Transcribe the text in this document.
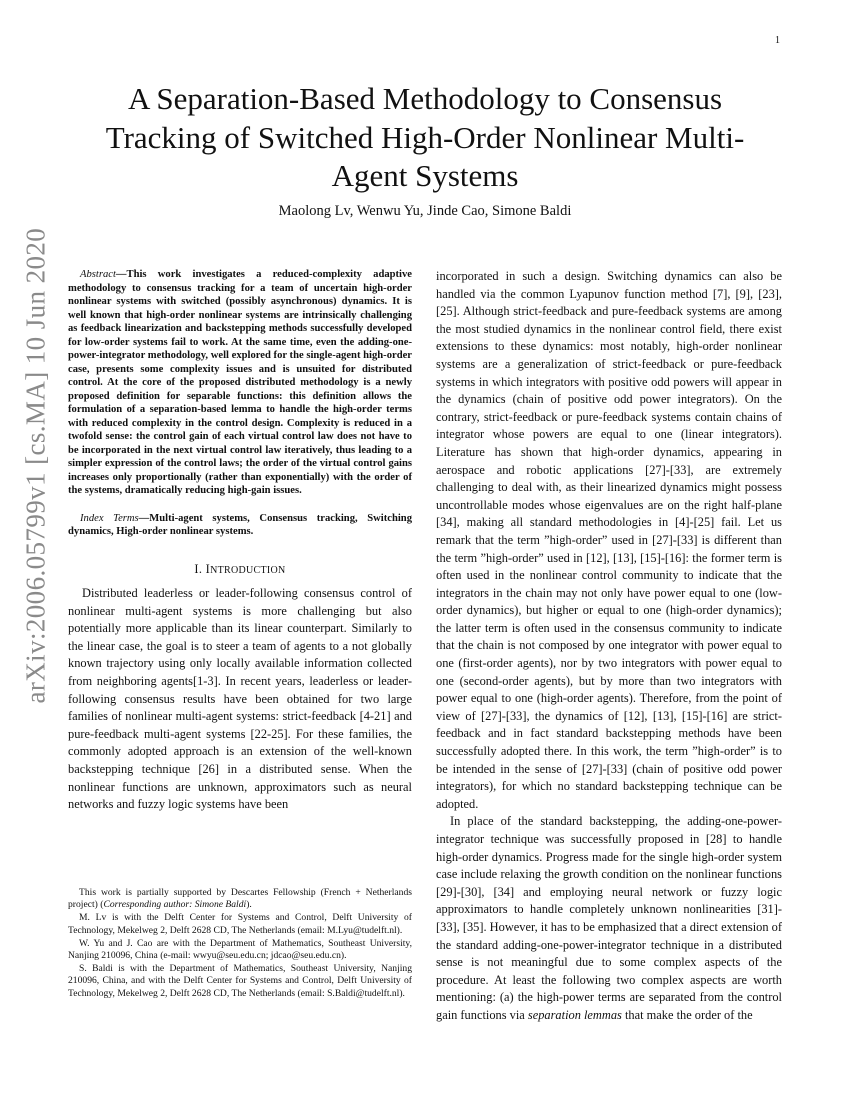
1
arXiv:2006.05799v1 [cs.MA] 10 Jun 2020
A Separation-Based Methodology to Consensus Tracking of Switched High-Order Nonlinear Multi-Agent Systems
Maolong Lv, Wenwu Yu, Jinde Cao, Simone Baldi

Abstract—This work investigates a reduced-complexity adaptive methodology to consensus tracking for a team of uncertain high-order nonlinear systems with switched (possibly asynchronous) dynamics. It is well known that high-order nonlinear systems are intrinsically challenging as feedback linearization and backstepping methods successfully developed for low-order systems fail to work. At the same time, even the adding-one-power-integrator methodology, well explored for the single-agent high-order case, presents some complexity issues and is unsuited for distributed control. At the core of the proposed distributed methodology is a newly proposed definition for separable functions: this definition allows the formulation of a separation-based lemma to handle the high-order terms with reduced complexity in the control design. Complexity is reduced in a twofold sense: the control gain of each virtual control law does not have to be incorporated in the next virtual control law iteratively, thus leading to a simpler expression of the control laws; the order of the virtual control gains increases only proportionally (rather than exponentially) with the order of the systems, dramatically reducing high-gain issues.

Index Terms—Multi-agent systems, Consensus tracking, Switching dynamics, High-order nonlinear systems.

I. INTRODUCTION

Distributed leaderless or leader-following consensus control of nonlinear multi-agent systems is more challenging but also potentially more applicable than its linear counterpart. Similarly to the linear case, the goal is to steer a team of agents to a not globally known trajectory using only locally available information collected from neighboring agents[1-3]. In recent years, leaderless or leader-following consensus results have been obtained for two large families of nonlinear multi-agent systems: strict-feedback [4-21] and pure-feedback multi-agent systems [22-25]. For these families, the commonly adopted approach is an extension of the well-known backstepping technique [26] in a distributed sense. When the nonlinear functions are unknown, approximators such as neural networks and fuzzy logic systems have been

This work is partially supported by Descartes Fellowship (French + Netherlands project) (Corresponding author: Simone Baldi).

M. Lv is with the Delft Center for Systems and Control, Delft University of Technology, Mekelweg 2, Delft 2628 CD, The Netherlands (email: M.Lyu@tudelft.nl).

W. Yu and J. Cao are with the Department of Mathematics, Southeast University, Nanjing 210096, China (e-mail: wwyu@seu.edu.cn; jdcao@seu.edu.cn).

S. Baldi is with the Department of Mathematics, Southeast University, Nanjing 210096, China, and with the Delft Center for Systems and Control, Delft University of Technology, Mekelweg 2, Delft 2628 CD, The Netherlands (email: S.Baldi@tudelft.nl).

incorporated in such a design. Switching dynamics can also be handled via the common Lyapunov function method [7], [9], [23], [25]. Although strict-feedback and pure-feedback systems are among the most studied dynamics in the nonlinear control field, there exist extensions to these dynamics: most notably, high-order nonlinear systems are a generalization of strict-feedback or pure-feedback systems in which integrators with positive odd powers will appear in the dynamics (chain of positive odd power integrators). On the contrary, strict-feedback or pure-feedback systems contain chains of integrator whose powers are equal to one (linear integrators). Literature has shown that high-order dynamics, appearing in aerospace and robotic applications [27]-[33], are extremely challenging to deal with, as their linearized dynamics might possess uncontrollable modes whose eigenvalues are on the right half-plane [34], making all standard methodologies in [4]-[25] fail. Let us remark that the term ”high-order” used in [27]-[33] is different than the term ”high-order” used in [12], [13], [15]-[16]: the former term is often used in the nonlinear control community to indicate that the integrators in the chain may not only have power equal to one (low-order dynamics), but higher or equal to one (high-order dynamics); the latter term is often used in the consensus community to indicate that the chain is not composed by one integrator with power equal to one (first-order agents), nor by two integrators with power equal to one (second-order agents), but by more than two integrators with power equal to one (high-order agents). Therefore, from the point of view of [27]-[33], the dynamics of [12], [13], [15]-[16] are strict-feedback and in fact standard backstepping methods have been successfully adopted there. In this work, the term ”high-order” is to be intended in the sense of [27]-[33] (chain of positive odd power integrators), for which no standard backstepping technique can be adopted.

In place of the standard backstepping, the adding-one-power-integrator technique was successfully proposed in [28] to handle high-order dynamics. Progress made for the single high-order system case include relaxing the growth condition on the nonlinear functions [29]-[30], [34] and employing neural network or fuzzy logic approximators to handle completely unknown nonlinearities [31]-[33], [35]. However, it has to be emphasized that a direct extension of the standard adding-one-power-integrator technique in a distributed sense is not meaningful due to some complex aspects of the procedure. At least the following two complex aspects are worth mentioning: (a) the high-power terms are separated from the control gain functions via separation lemmas that make the order of the
